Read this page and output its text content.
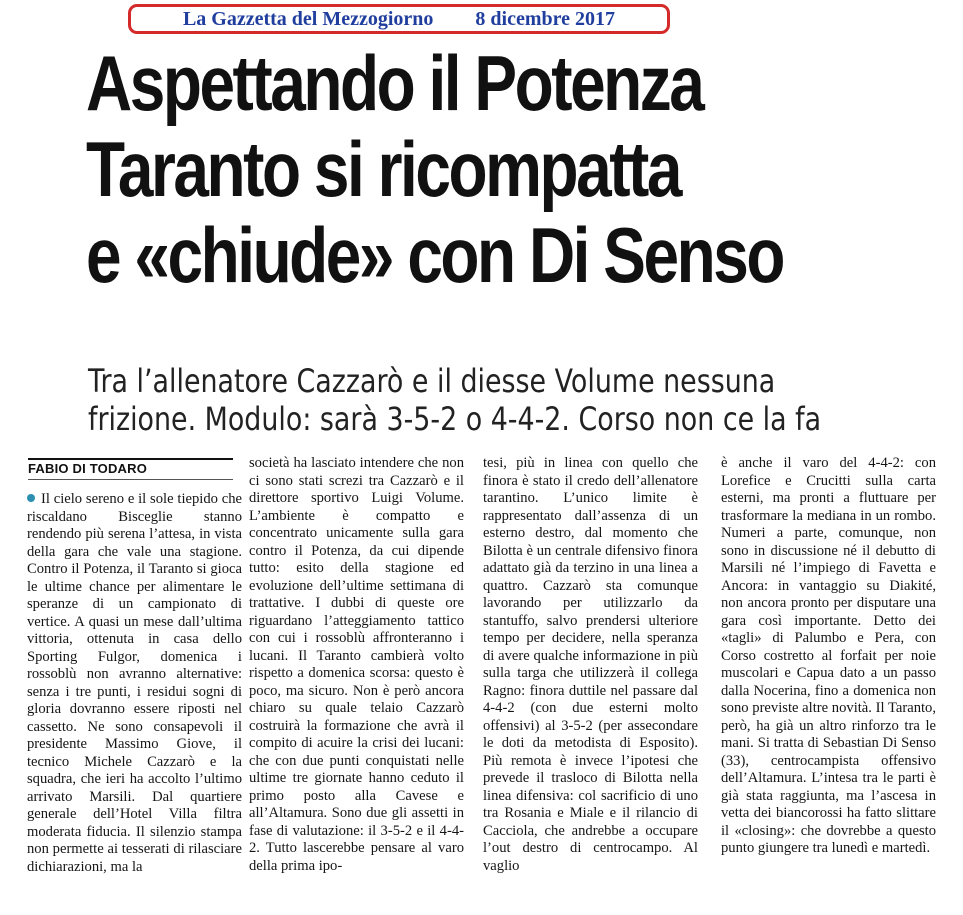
La Gazzetta del Mezzogiorno 8 dicembre 2017
Aspettando il Potenza
Taranto si ricompatta
e «chiude» con Di Senso
Tra l’allenatore Cazzarò e il diesse Volume nessuna
frizione. Modulo: sarà 3-5-2 o 4-4-2. Corso non ce la fa
FABIO DI TODARO

Il cielo sereno e il sole tiepido che riscaldano Bisceglie stanno rendendo più serena l’attesa, in vista della gara che vale una stagione. Contro il Potenza, il Taranto si gioca le ultime chance per alimentare le speranze di un campionato di vertice. A quasi un mese dall’ultima vittoria, ottenuta in casa dello Sporting Fulgor, domenica i rossoblù non avranno alternative: senza i tre punti, i residui sogni di gloria dovranno essere riposti nel cassetto. Ne sono consapevoli il presidente Massimo Giove, il tecnico Michele Cazzarò e la squadra, che ieri ha accolto l’ultimo arrivato Marsili. Dal quartiere generale dell’Hotel Villa filtra moderata fiducia. Il silenzio stampa non permette ai tesserati di rilasciare dichiarazioni, ma la

società ha lasciato intendere che non ci sono stati screzi tra Cazzarò e il direttore sportivo Luigi Volume. L’ambiente è compatto e concentrato unicamente sulla gara contro il Potenza, da cui dipende tutto: esito della stagione ed evoluzione dell’ultime settimana di trattative. I dubbi di queste ore riguardano l’atteggiamento tattico con cui i rossoblù affronteranno i lucani. Il Taranto cambierà volto rispetto a domenica scorsa: questo è poco, ma sicuro. Non è però ancora chiaro su quale telaio Cazzarò costruirà la formazione che avrà il compito di acuire la crisi dei lucani: che con due punti conquistati nelle ultime tre giornate hanno ceduto il primo posto alla Cavese e all’Altamura. Sono due gli assetti in fase di valutazione: il 3-5-2 e il 4-4-2. Tutto lascerebbe pensare al varo della prima ipo-

tesi, più in linea con quello che finora è stato il credo dell’allenatore tarantino. L’unico limite è rappresentato dall’assenza di un esterno destro, dal momento che Bilotta è un centrale difensivo finora adattato già da terzino in una linea a quattro. Cazzarò sta comunque lavorando per utilizzarlo da stantuffo, salvo prendersi ulteriore tempo per decidere, nella speranza di avere qualche informazione in più sulla targa che utilizzerà il collega Ragno: finora duttile nel passare dal 4-4-2 (con due esterni molto offensivi) al 3-5-2 (per assecondare le doti da metodista di Esposito). Più remota è invece l’ipotesi che prevede il trasloco di Bilotta nella linea difensiva: col sacrificio di uno tra Rosania e Miale e il rilancio di Cacciola, che andrebbe a occupare l’out destro di centrocampo. Al vaglio

è anche il varo del 4-4-2: con Lorefice e Crucitti sulla carta esterni, ma pronti a fluttuare per trasformare la mediana in un rombo. Numeri a parte, comunque, non sono in discussione né il debutto di Marsili né l’impiego di Favetta e Ancora: in vantaggio su Diakité, non ancora pronto per disputare una gara così importante. Detto dei «tagli» di Palumbo e Pera, con Corso costretto al forfait per noie muscolari e Capua dato a un passo dalla Nocerina, fino a domenica non sono previste altre novità. Il Taranto, però, ha già un altro rinforzo tra le mani. Si tratta di Sebastian Di Senso (33), centrocampista offensivo dell’Altamura. L’intesa tra le parti è già stata raggiunta, ma l’ascesa in vetta dei biancorossi ha fatto slittare il «closing»: che dovrebbe a questo punto giungere tra lunedì e martedì.
